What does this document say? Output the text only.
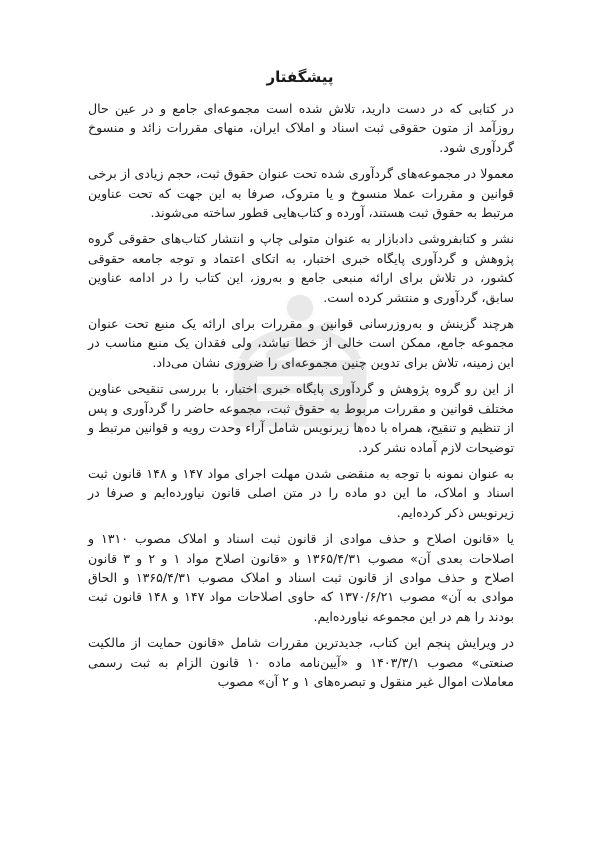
پیشگفتار

در کتابی که در دست دارید، تلاش شده است مجموعه‌ای جامع و در عین حال روزآمد از متون حقوقی ثبت اسناد و املاک ایران، منهای مقررات زائد و منسوخ گردآوری شود.

معمولا در مجموعه‌های گردآوری شده تحت عنوان حقوق ثبت، حجم زیادی از برخی قوانین و مقررات عملا منسوخ و یا متروک، صرفا به این جهت که تحت عناوین مرتبط به حقوق ثبت هستند، آورده و کتاب‌هایی قطور ساخته می‌شوند.

نشر و کتابفروشی دادبازار به عنوان متولی چاپ و انتشار کتاب‌های حقوقی گروه پژوهش و گردآوری پایگاه خبری اختبار، به اتکای اعتماد و توجه جامعه حقوقی کشور، در تلاش برای ارائه منبعی جامع و به‌روز، این کتاب را در ادامه عناوین سابق، گردآوری و منتشر کرده است.

هرچند گزینش و به‌روزرسانی قوانین و مقررات برای ارائه یک منبع تحت عنوان مجموعه جامع، ممکن است خالی از خطا نباشد، ولی فقدان یک منبع مناسب در این زمینه، تلاش برای تدوین چنین مجموعه‌ای را ضروری نشان می‌داد.

از این رو گروه پژوهش و گردآوری پایگاه خبری اختبار، با بررسی تنقیحی عناوین مختلف قوانین و مقررات مربوط به حقوق ثبت، مجموعه حاضر را گردآوری و پس از تنظیم و تنقیح، همراه با ده‌ها زیرنویس شامل آراء وحدت رویه و قوانین مرتبط و توضیحات لازم آماده نشر کرد.

به عنوان نمونه با توجه به منقضی شدن مهلت اجرای مواد ۱۴۷ و ۱۴۸ قانون ثبت اسناد و املاک، ما این دو ماده را در متن اصلی قانون نیاورده‌ایم و صرفا در زیرنویس ذکر کرده‌ایم.

یا «قانون اصلاح و حذف موادی از قانون ثبت اسناد و املاک مصوب ۱۳۱۰ و اصلاحات بعدی آن» مصوب ۱۳۶۵/۴/۳۱ و «قانون اصلاح مواد ۱ و ۲ و ۳ قانون اصلاح و حذف موادی از قانون ثبت اسناد و املاک مصوب ۱۳۶۵/۴/۳۱ و الحاق موادی به آن» مصوب ۱۳۷۰/۶/۲۱ که حاوی اصلاحات مواد ۱۴۷ و ۱۴۸ قانون ثبت بودند را هم در این مجموعه نیاورده‌ایم.

در ویرایش پنجم این کتاب، جدیدترین مقررات شامل «قانون حمایت از مالکیت صنعتی» مصوب ۱۴۰۳/۳/۱ و «آیین‌نامه ماده ۱۰ قانون الزام به ثبت رسمی معاملات اموال غیر منقول و تبصره‌های ۱ و ۲ آن» مصوب
